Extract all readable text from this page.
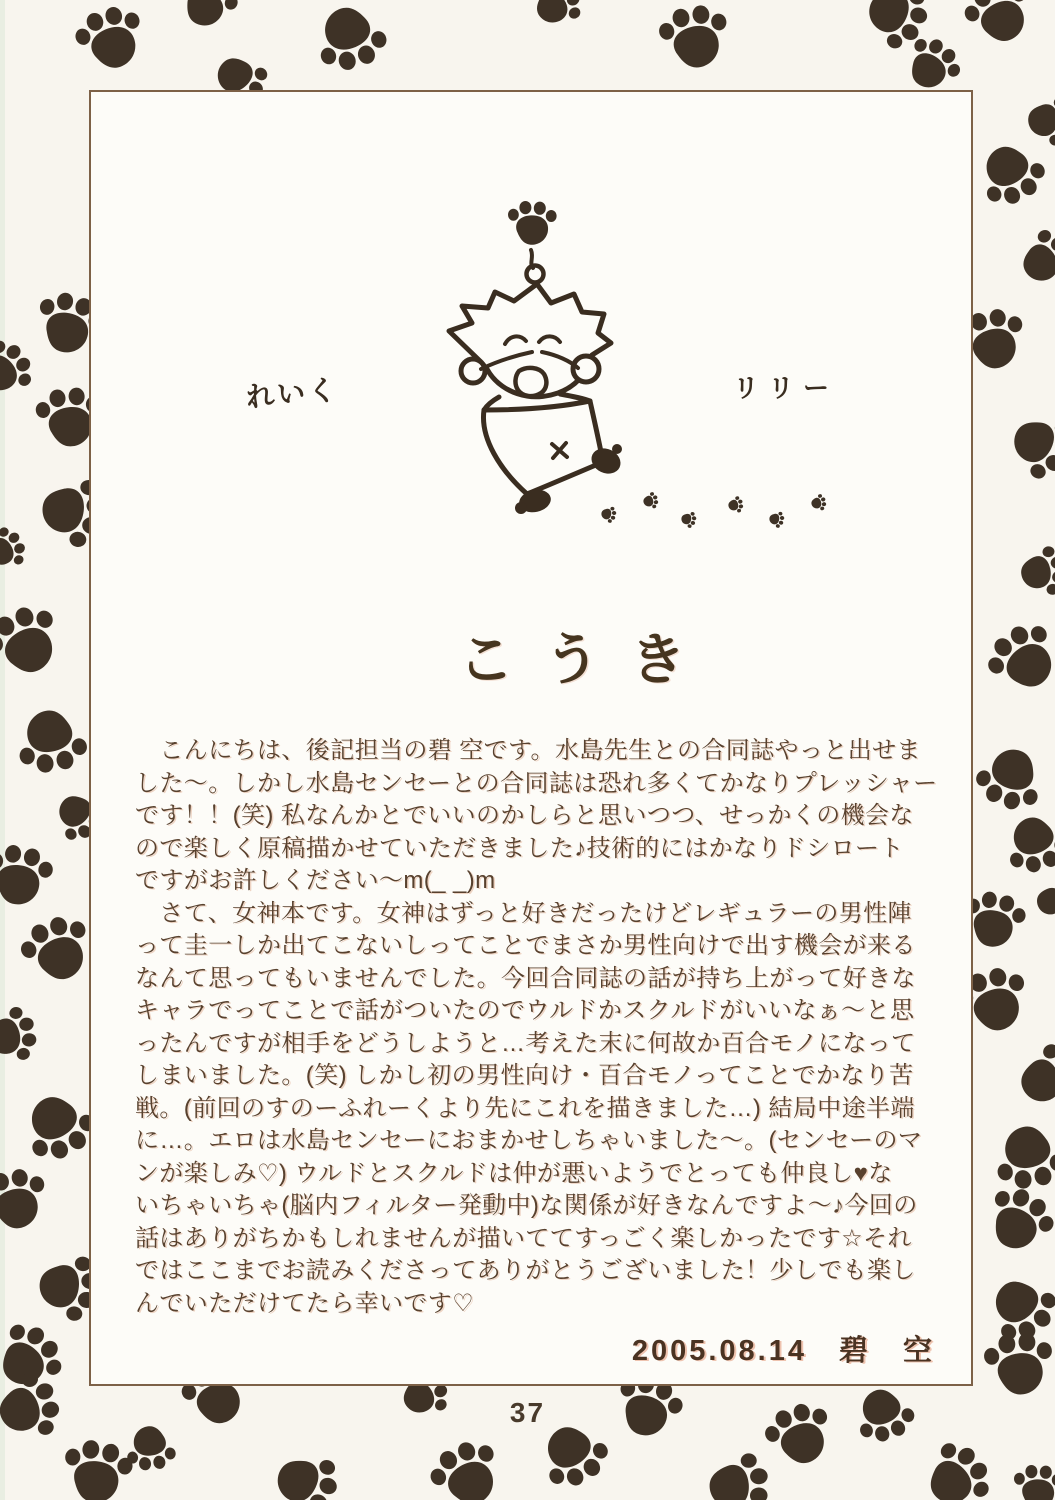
れいく	リリー
こうき
　こんにちは、後記担当の碧 空です。水島先生との合同誌やっと出せま
した～。しかし水島センセーとの合同誌は恐れ多くてかなりプレッシャー
です！！(笑) 私なんかとでいいのかしらと思いつつ、せっかくの機会な
ので楽しく原稿描かせていただきました♪技術的にはかなりドシロート
ですがお許しください～m(_ _)m
　さて、女神本です。女神はずっと好きだったけどレギュラーの男性陣
って圭一しか出てこないしってことでまさか男性向けで出す機会が来る
なんて思ってもいませんでした。今回合同誌の話が持ち上がって好きな
キャラでってことで話がついたのでウルドかスクルドがいいなぁ～と思
ったんですが相手をどうしようと…考えた末に何故か百合モノになって
しまいました。(笑) しかし初の男性向け・百合モノってことでかなり苦
戦。(前回のすのーふれーくより先にこれを描きました…) 結局中途半端
に…。エロは水島センセーにおまかせしちゃいました～。(センセーのマ
ンが楽しみ♡) ウルドとスクルドは仲が悪いようでとっても仲良し♥な
いちゃいちゃ(脳内フィルター発動中)な関係が好きなんですよ～♪今回の
話はありがちかもしれませんが描いててすっごく楽しかったです☆それ
ではここまでお読みくださってありがとうございました！少しでも楽し
んでいただけてたら幸いです♡
2005.08.14　碧　空
37
